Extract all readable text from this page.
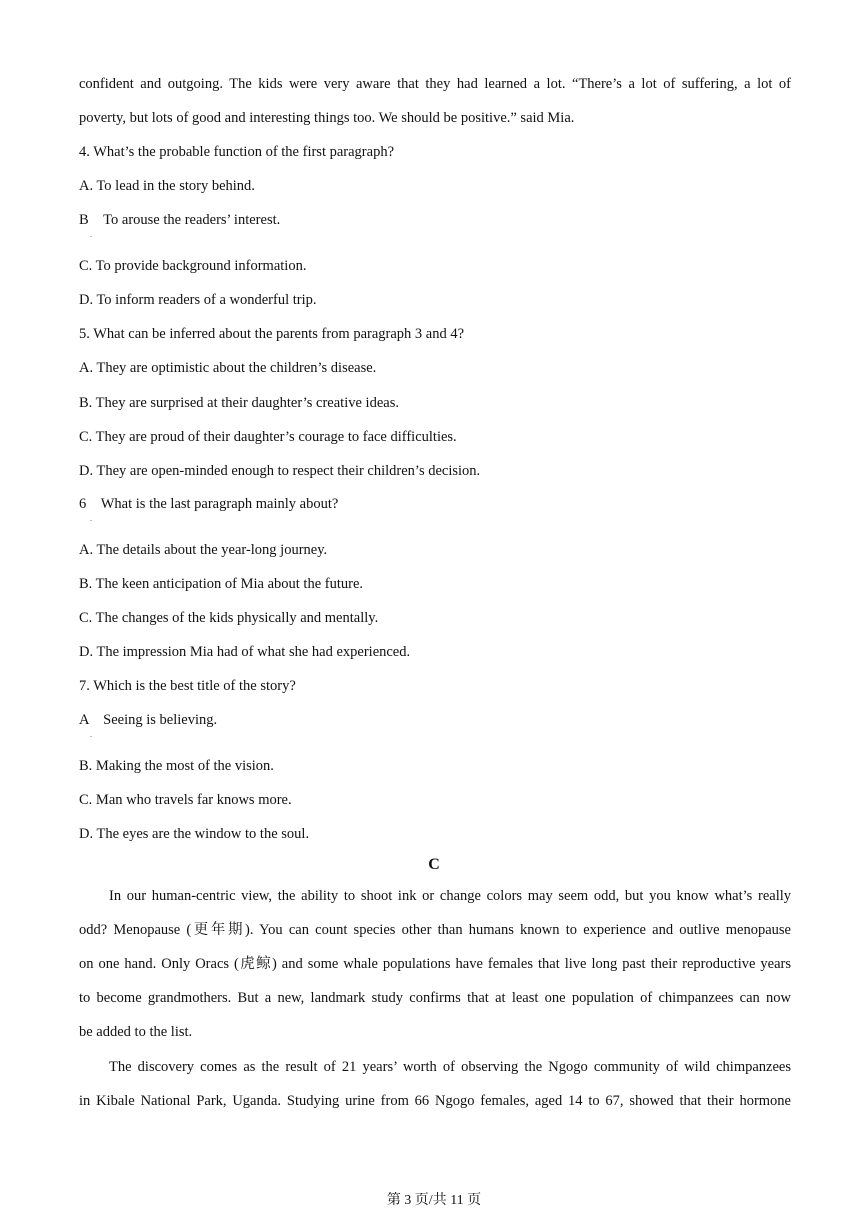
confident and outgoing. The kids were very aware that they had learned a lot. “There’s a lot of suffering, a lot of

poverty, but lots of good and interesting things too. We should be positive.” said Mia.

4. What’s the probable function of the first paragraph?

A. To lead in the story behind.

B　To arouse the readers’ interest.

.

C. To provide background information.

D. To inform readers of a wonderful trip.

5. What can be inferred about the parents from paragraph 3 and 4?

A. They are optimistic about the children’s disease.

B. They are surprised at their daughter’s creative ideas.

C. They are proud of their daughter’s courage to face difficulties.

D. They are open-minded enough to respect their children’s decision.

6　What is the last paragraph mainly about?

.

A. The details about the year-long journey.

B. The keen anticipation of Mia about the future.

C. The changes of the kids physically and mentally.

D. The impression Mia had of what she had experienced.

7. Which is the best title of the story?

A　Seeing is believing.

.

B. Making the most of the vision.

C. Man who travels far knows more.

D. The eyes are the window to the soul.

C

In our human-centric view, the ability to shoot ink or change colors may seem odd, but you know what’s really

odd? Menopause (更年期). You can count species other than humans known to experience and outlive menopause

on one hand. Only Oracs (虎鲸) and some whale populations have females that live long past their reproductive years

to become grandmothers. But a new, landmark study confirms that at least one population of chimpanzees can now

be added to the list.

The discovery comes as the result of 21 years’ worth of observing the Ngogo community of wild chimpanzees

in Kibale National Park, Uganda. Studying urine from 66 Ngogo females, aged 14 to 67, showed that their hormone

第 3 页/共 11 页
